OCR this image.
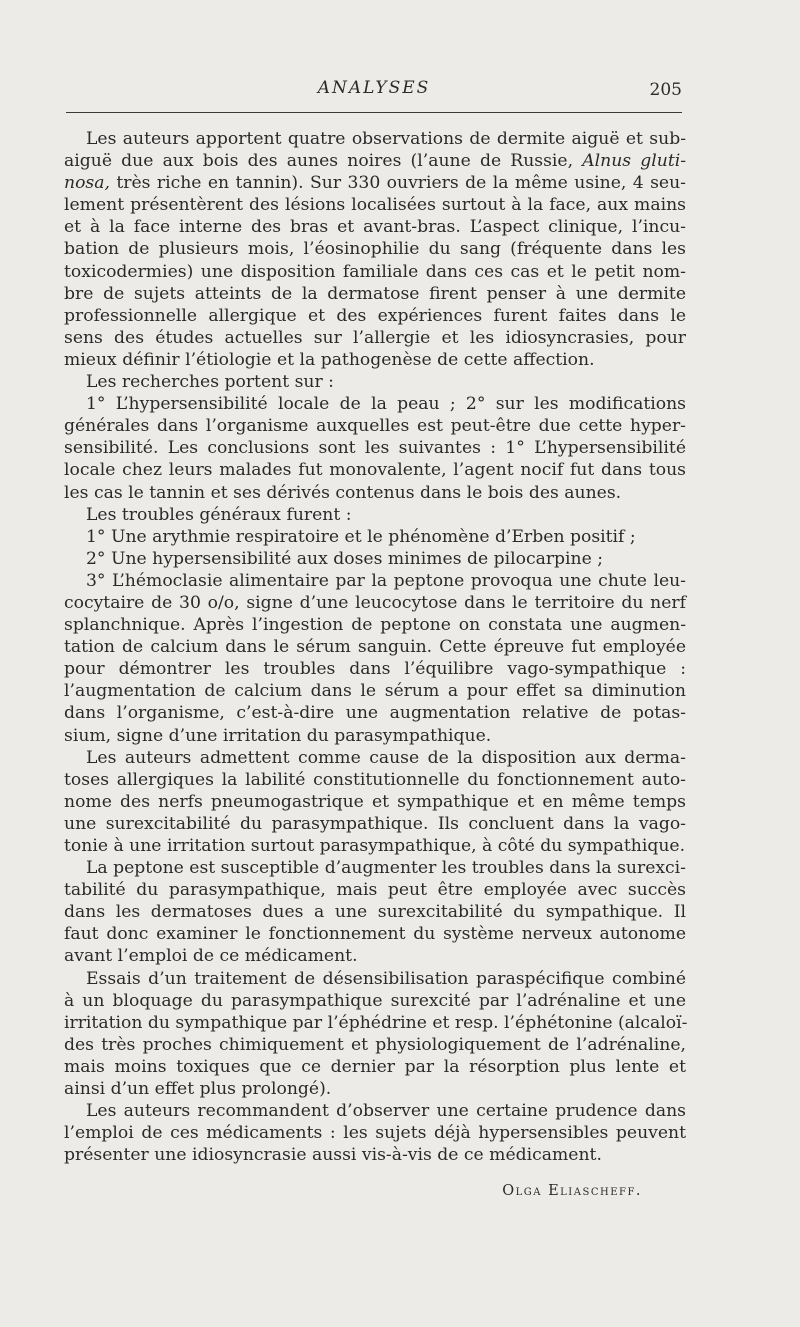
ANALYSES	205

Les auteurs apportent quatre observations de dermite aiguë et sub-
aiguë due aux bois des aunes noires (l’aune de Russie, Alnus gluti-
nosa, très riche en tannin). Sur 330 ouvriers de la même usine, 4 seu-
lement présentèrent des lésions localisées surtout à la face, aux mains
et à la face interne des bras et avant-bras. L’aspect clinique, l’incu-
bation de plusieurs mois, l’éosinophilie du sang (fréquente dans les
toxicodermies) une disposition familiale dans ces cas et le petit nom-
bre de sujets atteints de la dermatose firent penser à une dermite
professionnelle allergique et des expériences furent faites dans le
sens des études actuelles sur l’allergie et les idiosyncrasies, pour
mieux définir l’étiologie et la pathogenèse de cette affection.

Les recherches portent sur :

1° L’hypersensibilité locale de la peau ; 2° sur les modifications
générales dans l’organisme auxquelles est peut-être due cette hyper-
sensibilité. Les conclusions sont les suivantes : 1° L’hypersensibilité
locale chez leurs malades fut monovalente, l’agent nocif fut dans tous
les cas le tannin et ses dérivés contenus dans le bois des aunes.

Les troubles généraux furent :

1° Une arythmie respiratoire et le phénomène d’Erben positif ;

2° Une hypersensibilité aux doses minimes de pilocarpine ;

3° L’hémoclasie alimentaire par la peptone provoqua une chute leu-
cocytaire de 30 o/o, signe d’une leucocytose dans le territoire du nerf
splanchnique. Après l’ingestion de peptone on constata une augmen-
tation de calcium dans le sérum sanguin. Cette épreuve fut employée
pour démontrer les troubles dans l’équilibre vago-sympathique :
l’augmentation de calcium dans le sérum a pour effet sa diminution
dans l’organisme, c’est-à-dire une augmentation relative de potas-
sium, signe d’une irritation du parasympathique.

Les auteurs admettent comme cause de la disposition aux derma-
toses allergiques la labilité constitutionnelle du fonctionnement auto-
nome des nerfs pneumogastrique et sympathique et en même temps
une surexcitabilité du parasympathique. Ils concluent dans la vago-
tonie à une irritation surtout parasympathique, à côté du sympathique.

La peptone est susceptible d’augmenter les troubles dans la surexci-
tabilité du parasympathique, mais peut être employée avec succès
dans les dermatoses dues a une surexcitabilité du sympathique. Il
faut donc examiner le fonctionnement du système nerveux autonome
avant l’emploi de ce médicament.

Essais d’un traitement de désensibilisation paraspécifique combiné
à un bloquage du parasympathique surexcité par l’adrénaline et une
irritation du sympathique par l’éphédrine et resp. l’éphétonine (alcaloï-
des très proches chimiquement et physiologiquement de l’adrénaline,
mais moins toxiques que ce dernier par la résorption plus lente et
ainsi d’un effet plus prolongé).

Les auteurs recommandent d’observer une certaine prudence dans
l’emploi de ces médicaments : les sujets déjà hypersensibles peuvent
présenter une idiosyncrasie aussi vis-à-vis de ce médicament.

Olga Eliascheff.
